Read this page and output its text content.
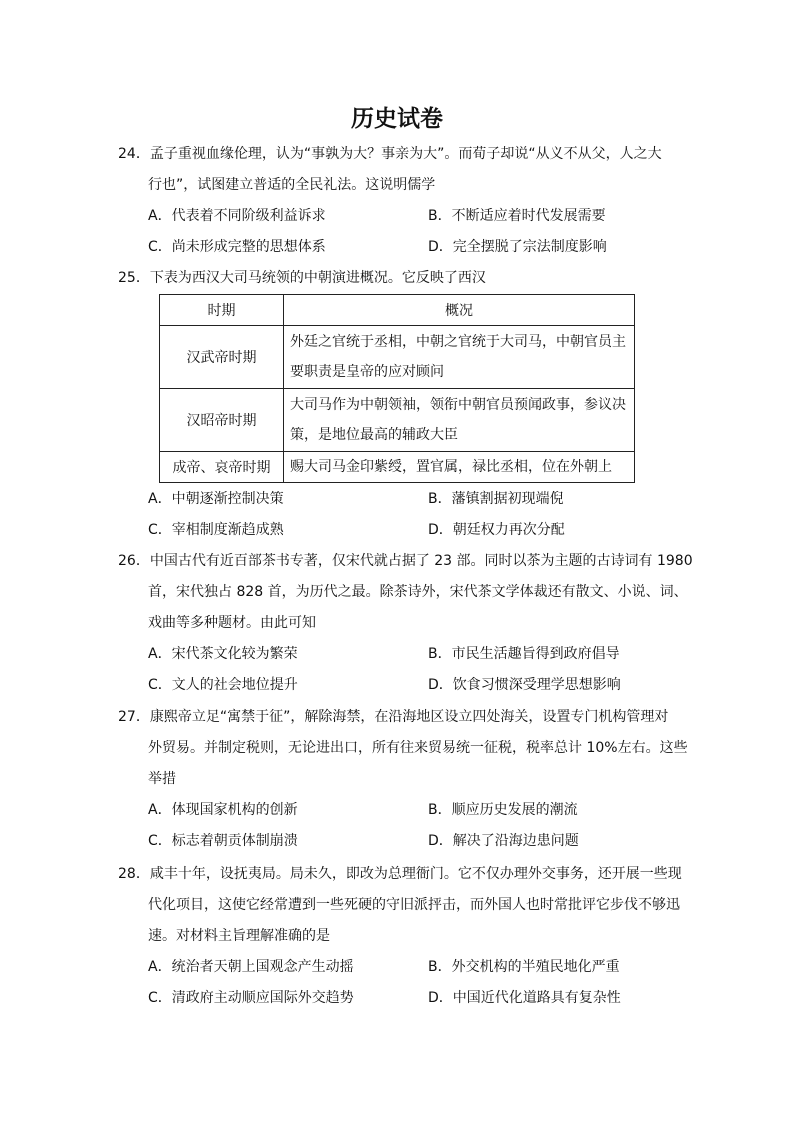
历史试卷
24．孟子重视血缘伦理，认为“事孰为大？事亲为大”。而荀子却说“从义不从父，人之大
行也”，试图建立普适的全民礼法。这说明儒学
A．代表着不同阶级利益诉求	B．不断适应着时代发展需要
C．尚未形成完整的思想体系	D．完全摆脱了宗法制度影响
25．下表为西汉大司马统领的中朝演进概况。它反映了西汉
时期	概况
汉武帝时期	外廷之官统于丞相，中朝之官统于大司马，中朝官员主
要职责是皇帝的应对顾问

汉昭帝时期	大司马作为中朝领袖，领衔中朝官员预闻政事，参议决
策，是地位最高的辅政大臣

成帝、哀帝时期	赐大司马金印紫绶，置官属，禄比丞相，位在外朝上
A．中朝逐渐控制决策	B．藩镇割据初现端倪
C．宰相制度渐趋成熟	D．朝廷权力再次分配
26．中国古代有近百部茶书专著，仅宋代就占据了 23 部。同时以茶为主题的古诗词有 1980
首，宋代独占 828 首，为历代之最。除茶诗外，宋代茶文学体裁还有散文、小说、词、
戏曲等多种题材。由此可知
A．宋代茶文化较为繁荣	B．市民生活趣旨得到政府倡导
C．文人的社会地位提升	D．饮食习惯深受理学思想影响
27．康熙帝立足“寓禁于征”，解除海禁，在沿海地区设立四处海关，设置专门机构管理对
外贸易。并制定税则，无论进出口，所有往来贸易统一征税，税率总计 10%左右。这些
举措
A．体现国家机构的创新	B．顺应历史发展的潮流
C．标志着朝贡体制崩溃	D．解决了沿海边患问题
28．咸丰十年，设抚夷局。局未久，即改为总理衙门。它不仅办理外交事务，还开展一些现
代化项目，这使它经常遭到一些死硬的守旧派抨击，而外国人也时常批评它步伐不够迅
速。对材料主旨理解准确的是
A．统治者天朝上国观念产生动摇	B．外交机构的半殖民地化严重
C．清政府主动顺应国际外交趋势	D．中国近代化道路具有复杂性
